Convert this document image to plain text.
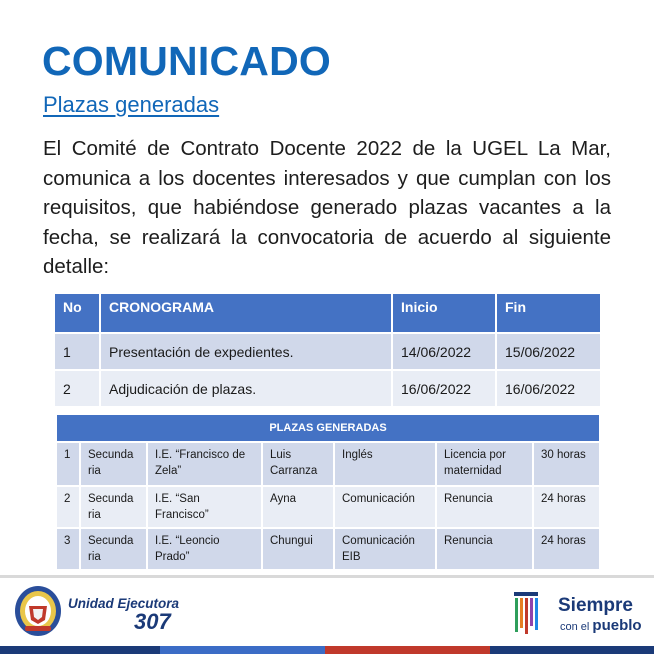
COMUNICADO
Plazas generadas

El Comité de Contrato Docente 2022 de la UGEL La Mar, comunica a los docentes interesados y que cumplan con los requisitos, que habiéndose generado plazas vacantes a la fecha, se realizará la convocatoria de acuerdo al siguiente detalle:

No	CRONOGRAMA	Inicio	Fin
1	Presentación de expedientes.	14/06/2022	15/06/2022
2	Adjudicación de plazas.	16/06/2022	16/06/2022
PLAZAS GENERADAS						
1	Secunda ria	I.E. “Francisco de Zela”	Luis Carranza	Inglés	Licencia por maternidad	30 horas
2	Secunda ria	I.E. “San Francisco”	Ayna	Comunicación	Renuncia	24 horas
3	Secunda ria	I.E. “Leoncio Prado”	Chungui	Comunicación EIB	Renuncia	24 horas
Unidad Ejecutora
307
Siempre
con el pueblo
